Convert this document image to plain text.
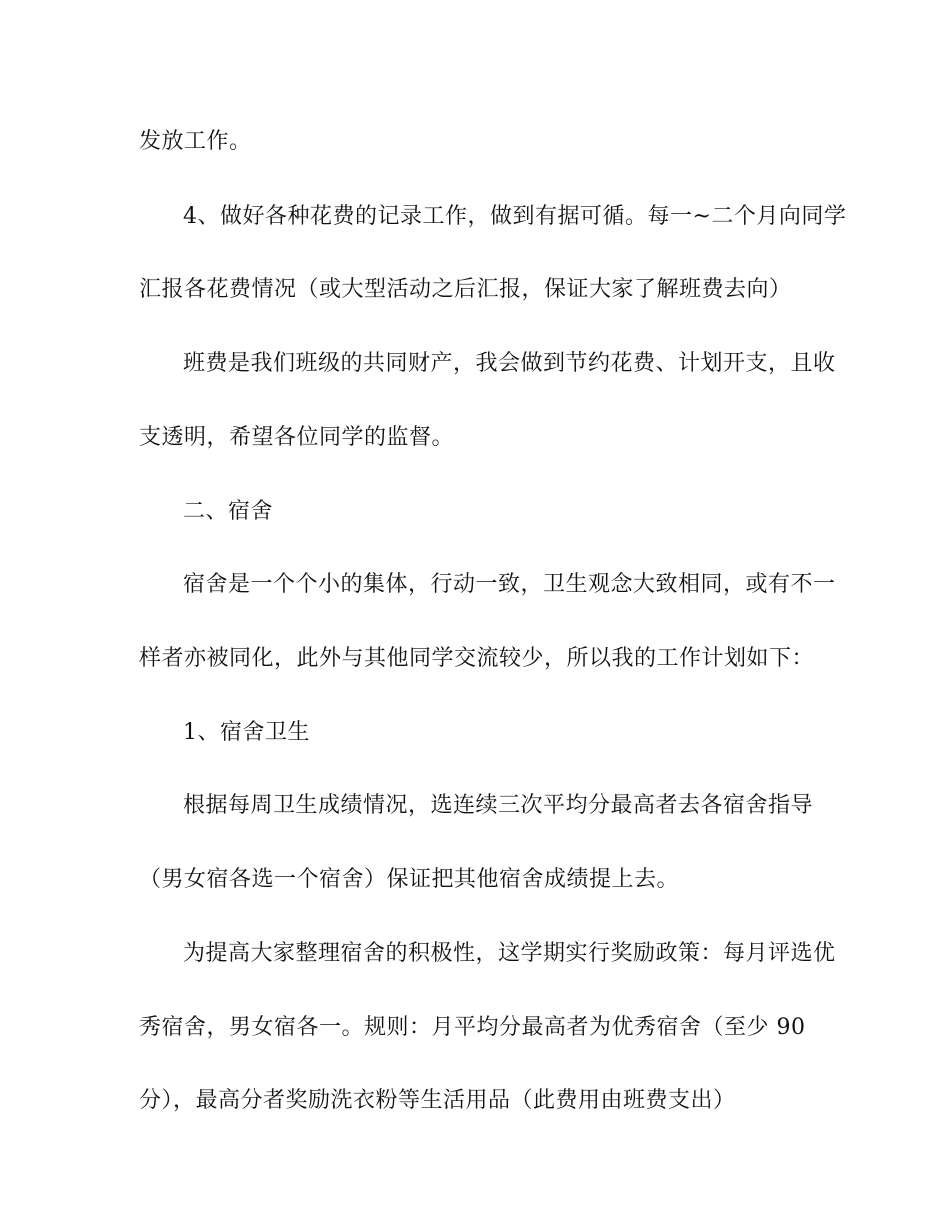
发放工作。
4、做好各种花费的记录工作，做到有据可循。每一~二个月向同学
汇报各花费情况（或大型活动之后汇报，保证大家了解班费去向）
班费是我们班级的共同财产，我会做到节约花费、计划开支，且收
支透明，希望各位同学的监督。
二、宿舍
宿舍是一个个小的集体，行动一致，卫生观念大致相同，或有不一
样者亦被同化，此外与其他同学交流较少，所以我的工作计划如下：
1、宿舍卫生
根据每周卫生成绩情况，选连续三次平均分最高者去各宿舍指导
（男女宿各选一个宿舍）保证把其他宿舍成绩提上去。
为提高大家整理宿舍的积极性，这学期实行奖励政策：每月评选优
秀宿舍，男女宿各一。规则：月平均分最高者为优秀宿舍（至少 90
分），最高分者奖励洗衣粉等生活用品（此费用由班费支出）
